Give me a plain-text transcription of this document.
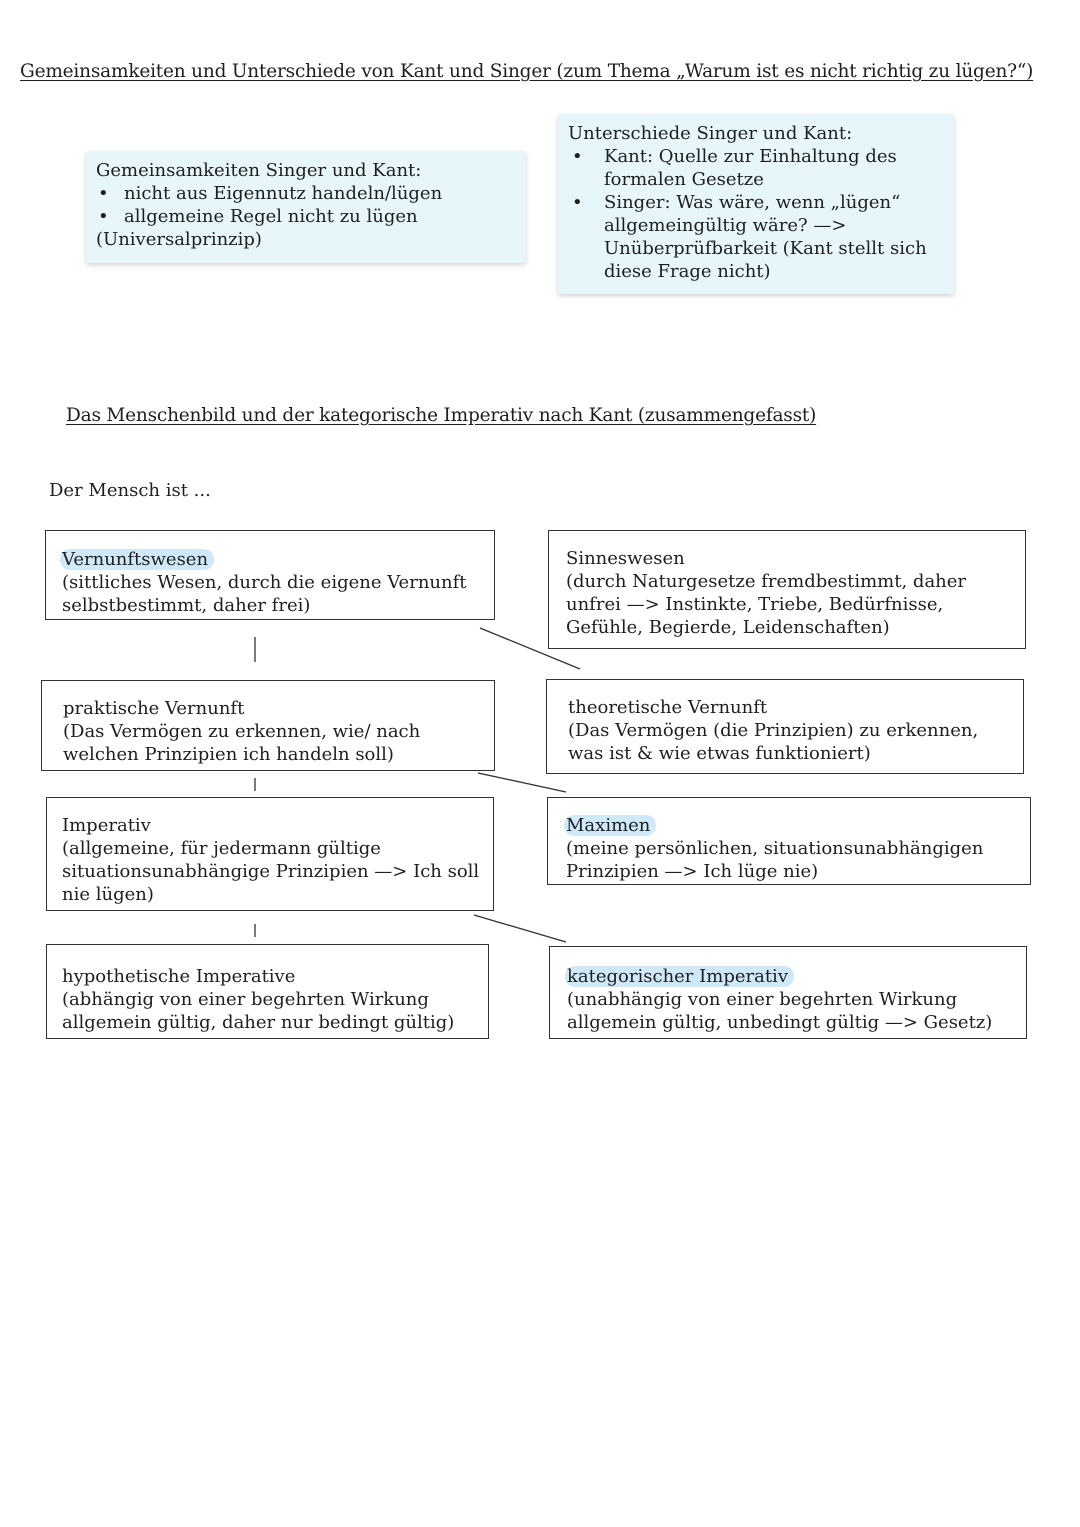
Gemeinsamkeiten und Unterschiede von Kant und Singer (zum Thema „Warum ist es nicht richtig zu lügen?“)
Gemeinsamkeiten Singer und Kant:
• nicht aus Eigennutz handeln/lügen
• allgemeine Regel nicht zu lügen
(Universalprinzip)
Unterschiede Singer und Kant:
• Kant: Quelle zur Einhaltung des formalen Gesetze
• Singer: Was wäre, wenn „lügen“ allgemeingültig wäre? —> Unüberprüfbarkeit (Kant stellt sich diese Frage nicht)
Das Menschenbild und der kategorische Imperativ nach Kant (zusammengefasst)
Der Mensch ist ...
Vernunftswesen
(sittliches Wesen, durch die eigene Vernunft selbstbestimmt, daher frei)
Sinneswesen
(durch Naturgesetze fremdbestimmt, daher unfrei —> Instinkte, Triebe, Bedürfnisse, Gefühle, Begierde, Leidenschaften)
praktische Vernunft
(Das Vermögen zu erkennen, wie/ nach welchen Prinzipien ich handeln soll)
theoretische Vernunft
(Das Vermögen (die Prinzipien) zu erkennen, was ist & wie etwas funktioniert)
Imperativ
(allgemeine, für jedermann gültige situationsunabhängige Prinzipien —> Ich soll nie lügen)
Maximen
(meine persönlichen, situationsunabhängigen Prinzipien —> Ich lüge nie)
hypothetische Imperative
(abhängig von einer begehrten Wirkung allgemein gültig, daher nur bedingt gültig)
kategorischer Imperativ
(unabhängig von einer begehrten Wirkung allgemein gültig, unbedingt gültig —> Gesetz)
